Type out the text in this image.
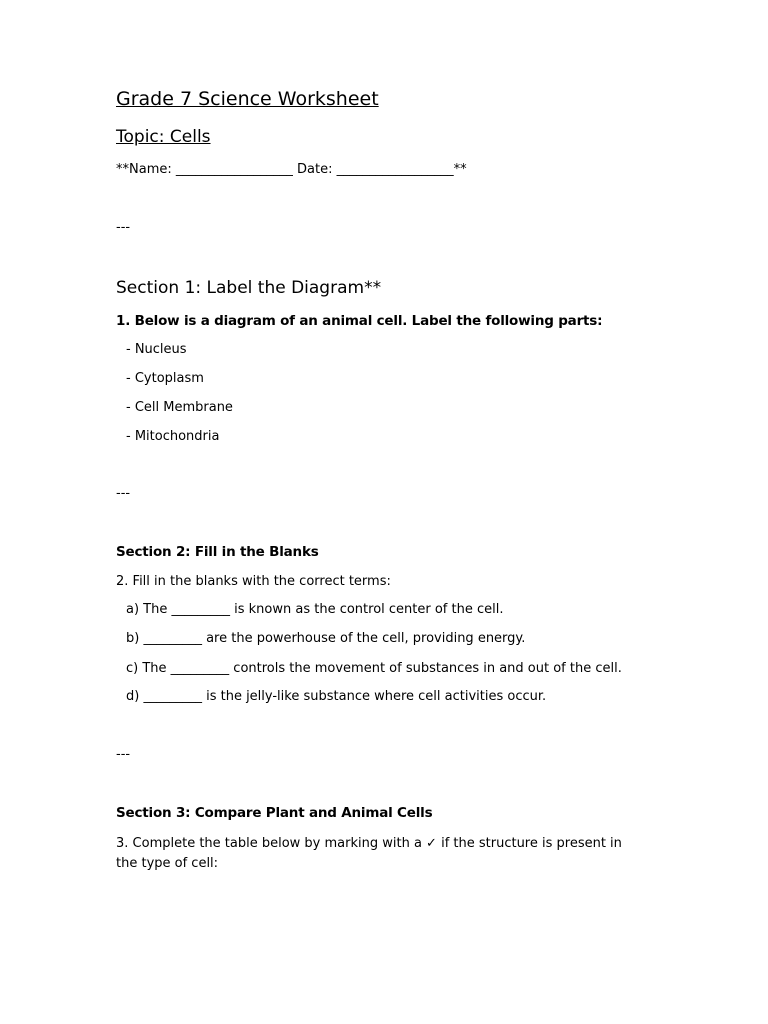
Grade 7 Science Worksheet
Topic: Cells
**Name: __________________ Date: __________________**
---
Section 1: Label the Diagram**
1. Below is a diagram of an animal cell. Label the following parts:
- Nucleus
- Cytoplasm
- Cell Membrane
- Mitochondria
---
Section 2: Fill in the Blanks
2. Fill in the blanks with the correct terms:
a) The _________ is known as the control center of the cell.
b) _________ are the powerhouse of the cell, providing energy.
c) The _________ controls the movement of substances in and out of the cell.
d) _________ is the jelly-like substance where cell activities occur.
---
Section 3: Compare Plant and Animal Cells
3. Complete the table below by marking with a ✓ if the structure is present in the type of cell:
